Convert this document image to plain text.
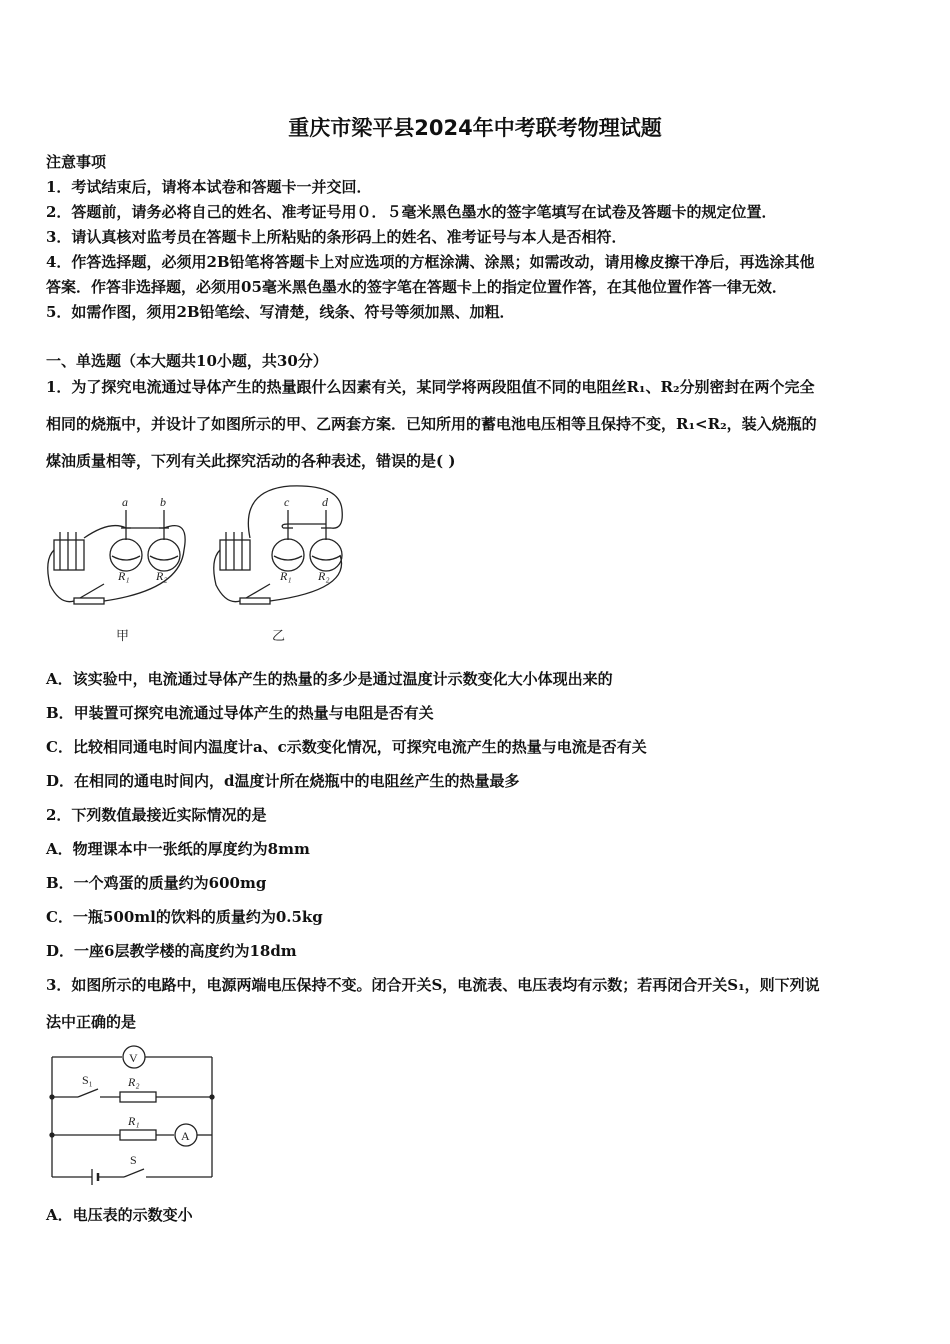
重庆市梁平县2024年中考联考物理试题
注意事项
1．考试结束后，请将本试卷和答题卡一并交回．
2．答题前，请务必将自己的姓名、准考证号用０．５毫米黑色墨水的签字笔填写在试卷及答题卡的规定位置．
3．请认真核对监考员在答题卡上所粘贴的条形码上的姓名、准考证号与本人是否相符．
4．作答选择题，必须用2B铅笔将答题卡上对应选项的方框涂满、涂黑；如需改动，请用橡皮擦干净后，再选涂其他
答案．作答非选择题，必须用05毫米黑色墨水的签字笔在答题卡上的指定位置作答，在其他位置作答一律无效．
5．如需作图，须用2B铅笔绘、写清楚，线条、符号等须加黑、加粗．
一、单选题（本大题共10小题，共30分）
1．为了探究电流通过导体产生的热量跟什么因素有关，某同学将两段阻值不同的电阻丝R₁、R₂分别密封在两个完全
相同的烧瓶中，并设计了如图所示的甲、乙两套方案．已知所用的蓄电池电压相等且保持不变，R₁<R₂，装入烧瓶的
煤油质量相等，下列有关此探究活动的各种表述，错误的是( )
a	b	c	d
R₁ R₂	R₁ R₂
甲	乙
A．该实验中，电流通过导体产生的热量的多少是通过温度计示数变化大小体现出来的
B．甲装置可探究电流通过导体产生的热量与电阻是否有关
C．比较相同通电时间内温度计a、c示数变化情况，可探究电流产生的热量与电流是否有关
D．在相同的通电时间内，d温度计所在烧瓶中的电阻丝产生的热量最多
2．下列数值最接近实际情况的是
A．物理课本中一张纸的厚度约为8mm
B．一个鸡蛋的质量约为600mg
C．一瓶500ml的饮料的质量约为0.5kg
D．一座6层教学楼的高度约为18dm
3．如图所示的电路中，电源两端电压保持不变。闭合开关S，电流表、电压表均有示数；若再闭合开关S₁，则下列说
法中正确的是
V
A
S₁	R₂
R₁
S
A．电压表的示数变小
